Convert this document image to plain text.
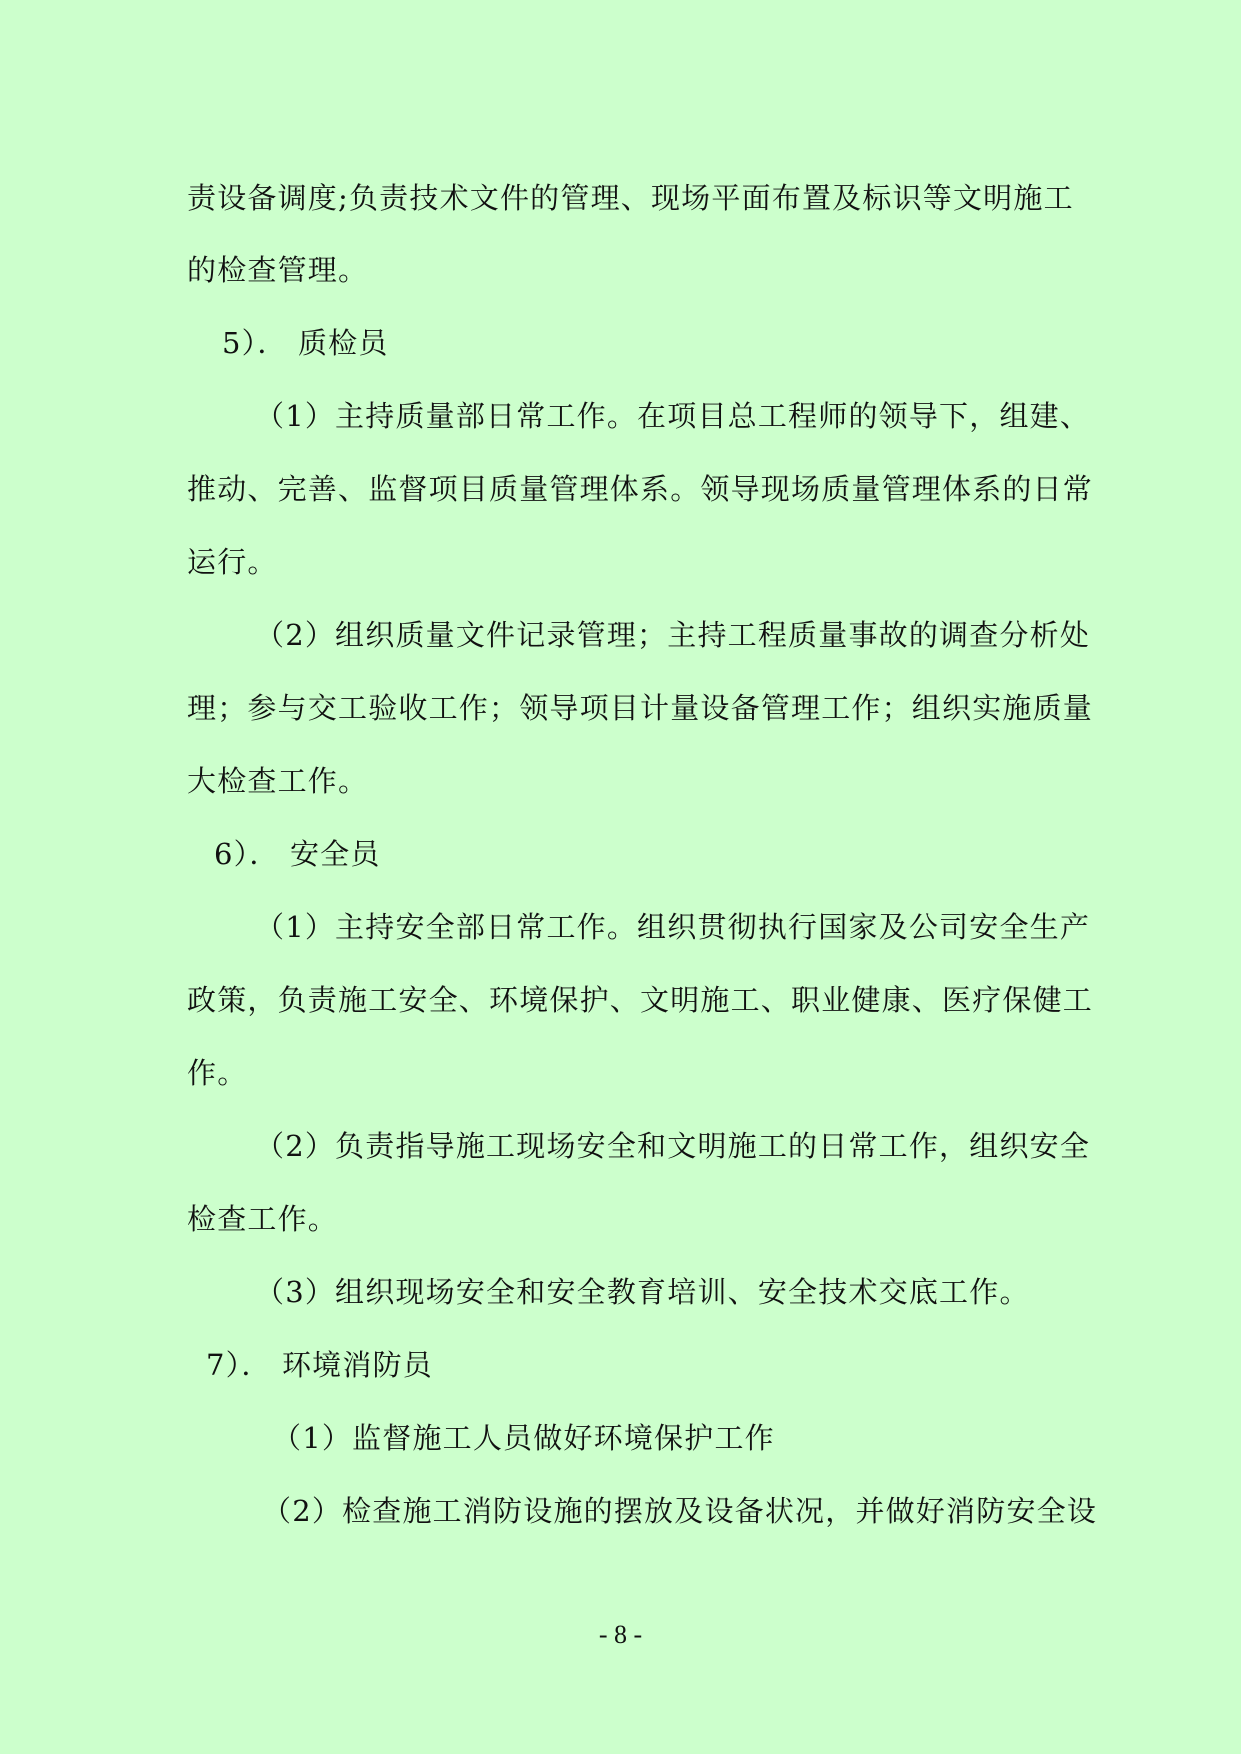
责设备调度;负责技术文件的管理、现场平面布置及标识等文明施工
的检查管理。
5）． 质检员
（1）主持质量部日常工作。在项目总工程师的领导下，组建、
推动、完善、监督项目质量管理体系。领导现场质量管理体系的日常
运行。
（2）组织质量文件记录管理；主持工程质量事故的调查分析处
理；参与交工验收工作；领导项目计量设备管理工作；组织实施质量
大检查工作。
6）． 安全员
（1）主持安全部日常工作。组织贯彻执行国家及公司安全生产
政策，负责施工安全、环境保护、文明施工、职业健康、医疗保健工
作。
（2）负责指导施工现场安全和文明施工的日常工作，组织安全
检查工作。
（3）组织现场安全和安全教育培训、安全技术交底工作。
7）． 环境消防员
（1）监督施工人员做好环境保护工作
（2）检查施工消防设施的摆放及设备状况，并做好消防安全设
- 8 -
